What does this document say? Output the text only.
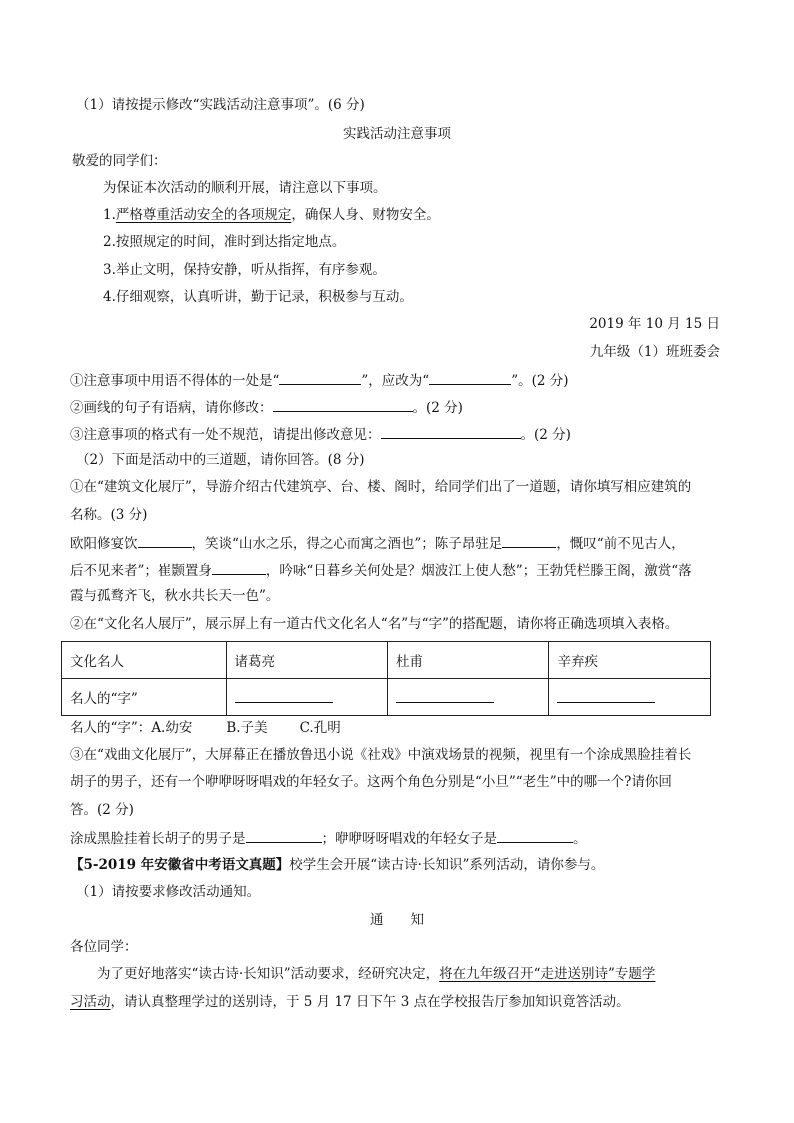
（1）请按提示修改“实践活动注意事项”。(6 分)
实践活动注意事项
敬爱的同学们：
为保证本次活动的顺利开展，请注意以下事项。
1.严格尊重活动安全的各项规定，确保人身、财物安全。
2.按照规定的时间，准时到达指定地点。
3.举止文明，保持安静，听从指挥，有序参观。
4.仔细观察，认真听讲，勤于记录，积极参与互动。
2019 年 10 月 15 日
九年级（1）班班委会
①注意事项中用语不得体的一处是“	”，应改为“	”。(2 分)
②画线的句子有语病，请你修改：	。(2 分)
③注意事项的格式有一处不规范，请提出修改意见：	。(2 分)
（2）下面是活动中的三道题，请你回答。(8 分)
①在“建筑文化展厅”，导游介绍古代建筑亭、台、楼、阁时，给同学们出了一道题，请你填写相应建筑的
名称。(3 分)
欧阳修宴饮	，笑谈“山水之乐，得之心而寓之酒也”；陈子昂驻足	，慨叹“前不见古人，
后不见来者”；崔颢置身	，吟咏“日暮乡关何处是？烟波江上使人愁”；王勃凭栏滕王阁，激赏“落
霞与孤鹜齐飞，秋水共长天一色”。
②在“文化名人展厅”，展示屏上有一道古代文化名人“名”与“字”的搭配题，请你将正确选项填入表格。
文化名人	诸葛亮	杜甫	辛弃疾
名人的“字”			
名人的“字”：A.幼安	B.子美 C.孔明
③在“戏曲文化展厅”，大屏幕正在播放鲁迅小说《社戏》中演戏场景的视频，视里有一个涂成黑脸挂着长
胡子的男子，还有一个咿咿呀呀唱戏的年轻女子。这两个角色分别是“小旦”“老生”中的哪一个?请你回
答。(2 分)
涂成黑脸挂着长胡子的男子是	；咿咿呀呀唱戏的年轻女子是	。
【5-2019 年安徽省中考语文真题】校学生会开展“读古诗·长知识”系列活动，请你参与。
（1）请按要求修改活动通知。
通　　知
各位同学：
为了更好地落实“读古诗·长知识”活动要求，经研究决定，将在九年级召开“走进送别诗”专题学
习活动，请认真整理学过的送别诗，于 5 月 17 日下午 3 点在学校报告厅参加知识竟答活动。
